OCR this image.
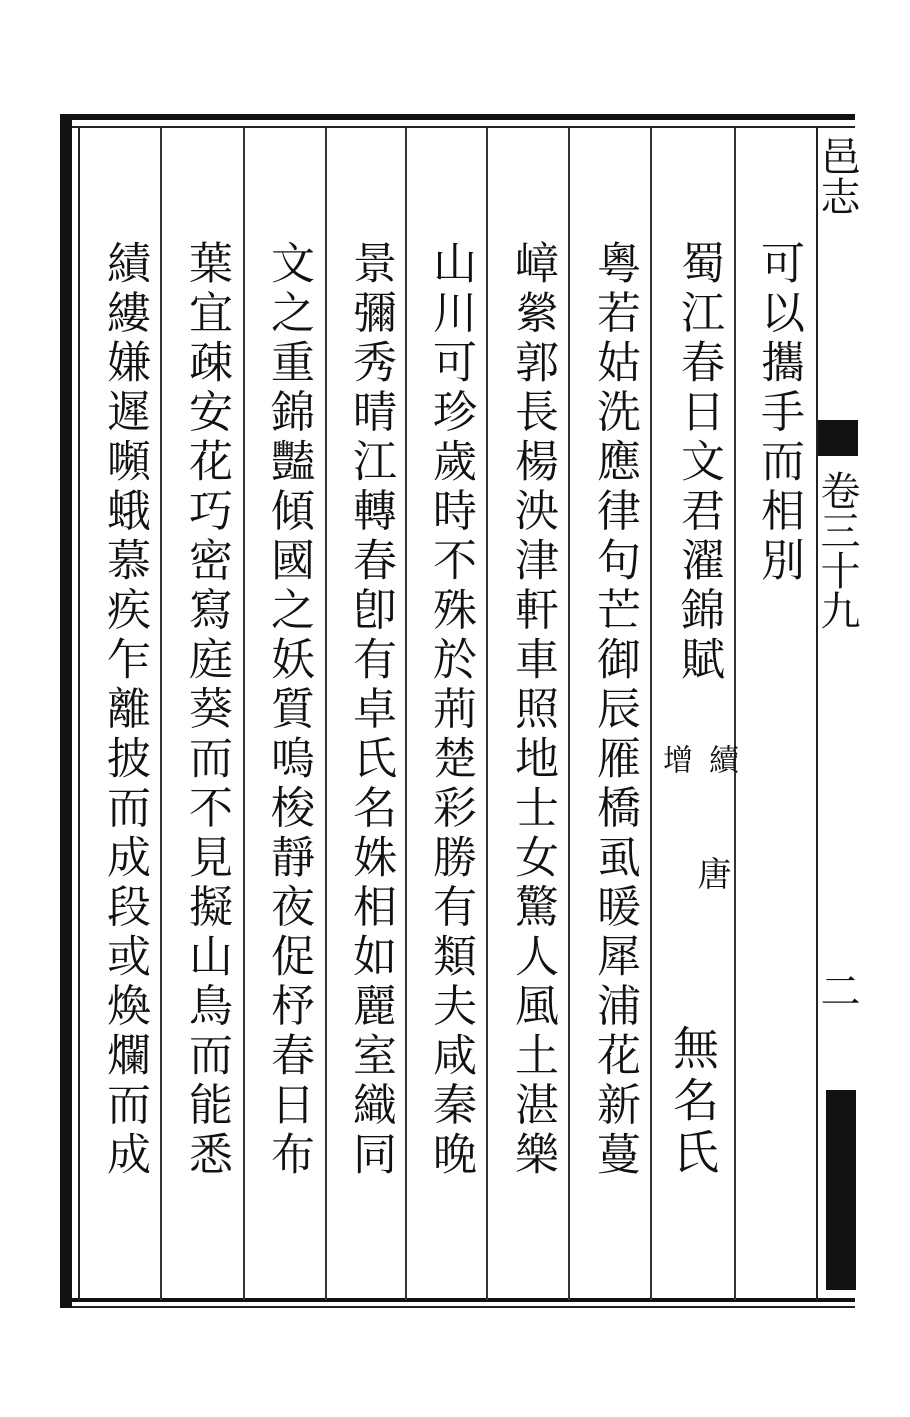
邑志
卷三十九
二
可以攜手而相別
蜀江春日文君濯錦賦
增 續
唐
無名氏
粵若姑洗應律句芒御辰雁橋虱暖犀浦花新蔓
嶂縈郭長楊泱津軒車照地士女驚人風土湛樂
山川可珍歲時不殊於荊楚彩勝有類夫咸秦晚
景彌秀晴江轉春卽有卓氏名姝相如麗室織同
文之重錦豔傾國之妖質嗚梭靜夜促杼春日布
葉宜疎安花巧密寫庭葵而不見擬山鳥而能悉
績縷嫌遲嚬蛾慕疾乍離披而成段或煥爛而成
